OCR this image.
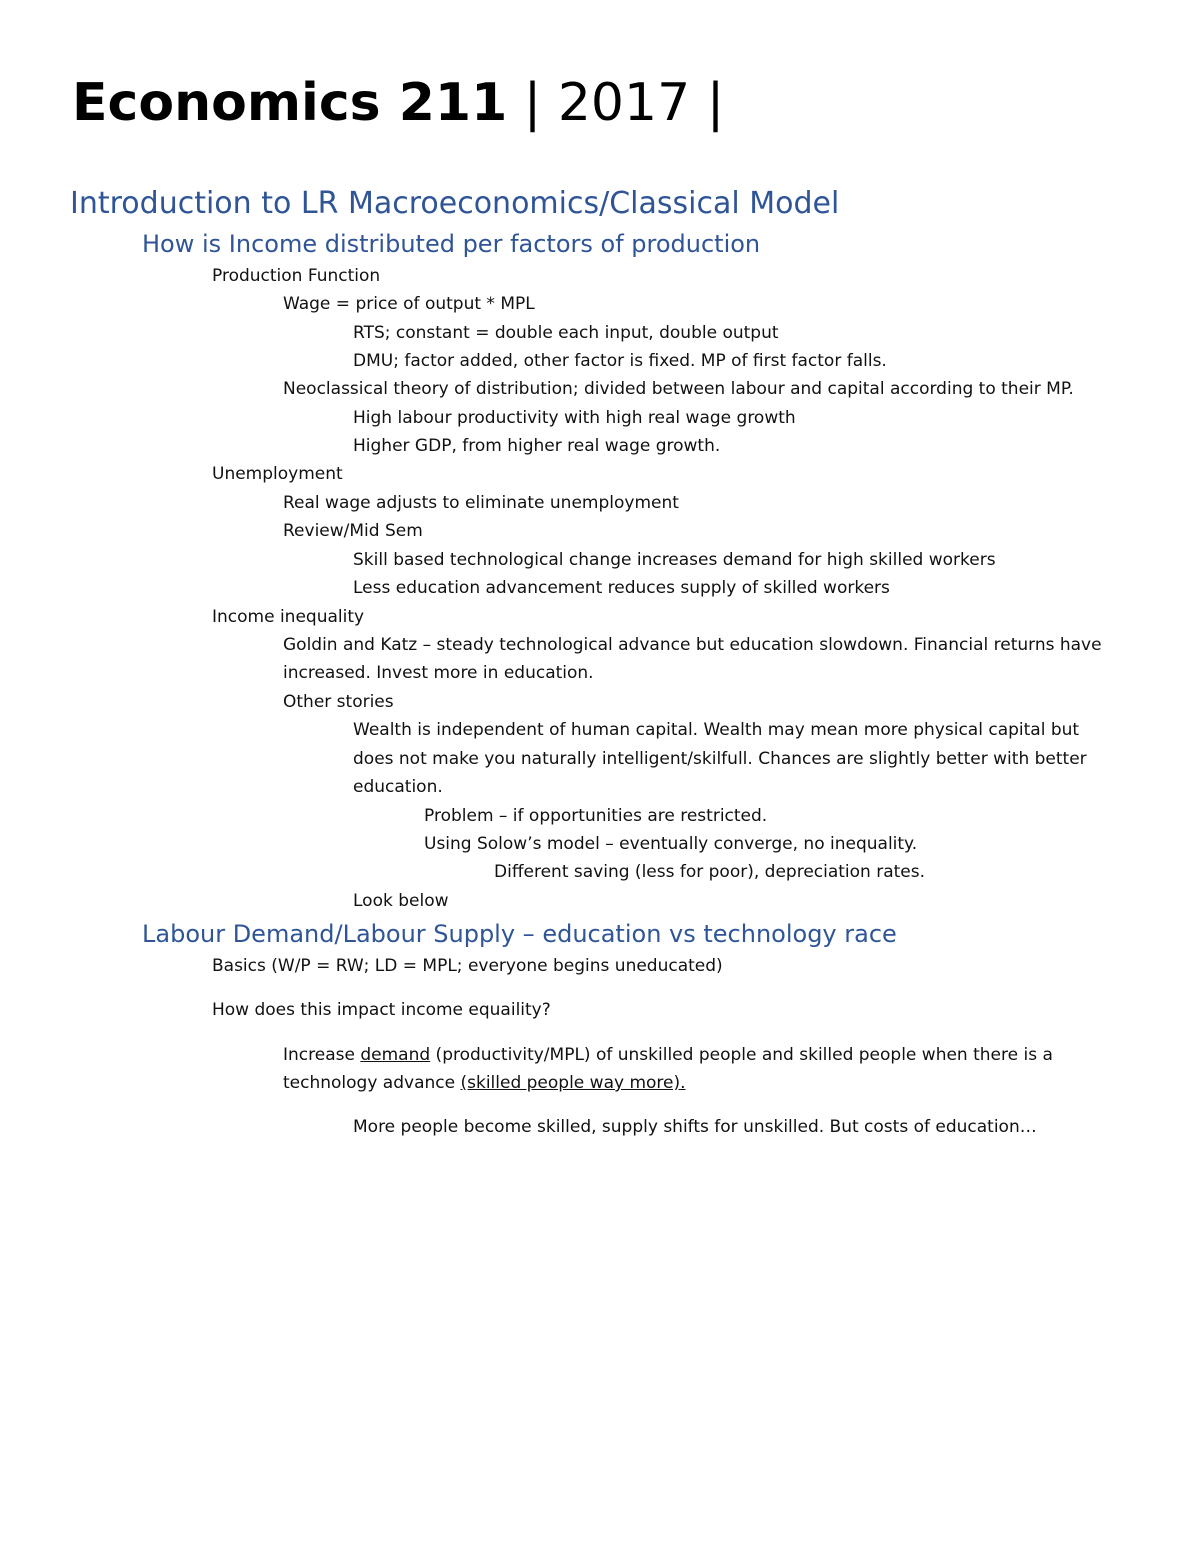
Economics 211 | 2017 |
Introduction to LR Macroeconomics/Classical Model
How is Income distributed per factors of production
Production Function
Wage = price of output * MPL
RTS; constant = double each input, double output
DMU; factor added, other factor is fixed. MP of first factor falls.
Neoclassical theory of distribution; divided between labour and capital according to their MP.
High labour productivity with high real wage growth
Higher GDP, from higher real wage growth.
Unemployment
Real wage adjusts to eliminate unemployment
Review/Mid Sem
Skill based technological change increases demand for high skilled workers
Less education advancement reduces supply of skilled workers
Income inequality
Goldin and Katz – steady technological advance but education slowdown. Financial returns have
increased. Invest more in education.
Other stories
Wealth is independent of human capital. Wealth may mean more physical capital but
does not make you naturally intelligent/skilfull. Chances are slightly better with better
education.
Problem – if opportunities are restricted.
Using Solow’s model – eventually converge, no inequality.
Different saving (less for poor), depreciation rates.
Look below
Labour Demand/Labour Supply – education vs technology race
Basics (W/P = RW; LD = MPL; everyone begins uneducated)
How does this impact income equaility?
Increase demand (productivity/MPL) of unskilled people and skilled people when there is a
technology advance (skilled people way more).
More people become skilled, supply shifts for unskilled. But costs of education…
